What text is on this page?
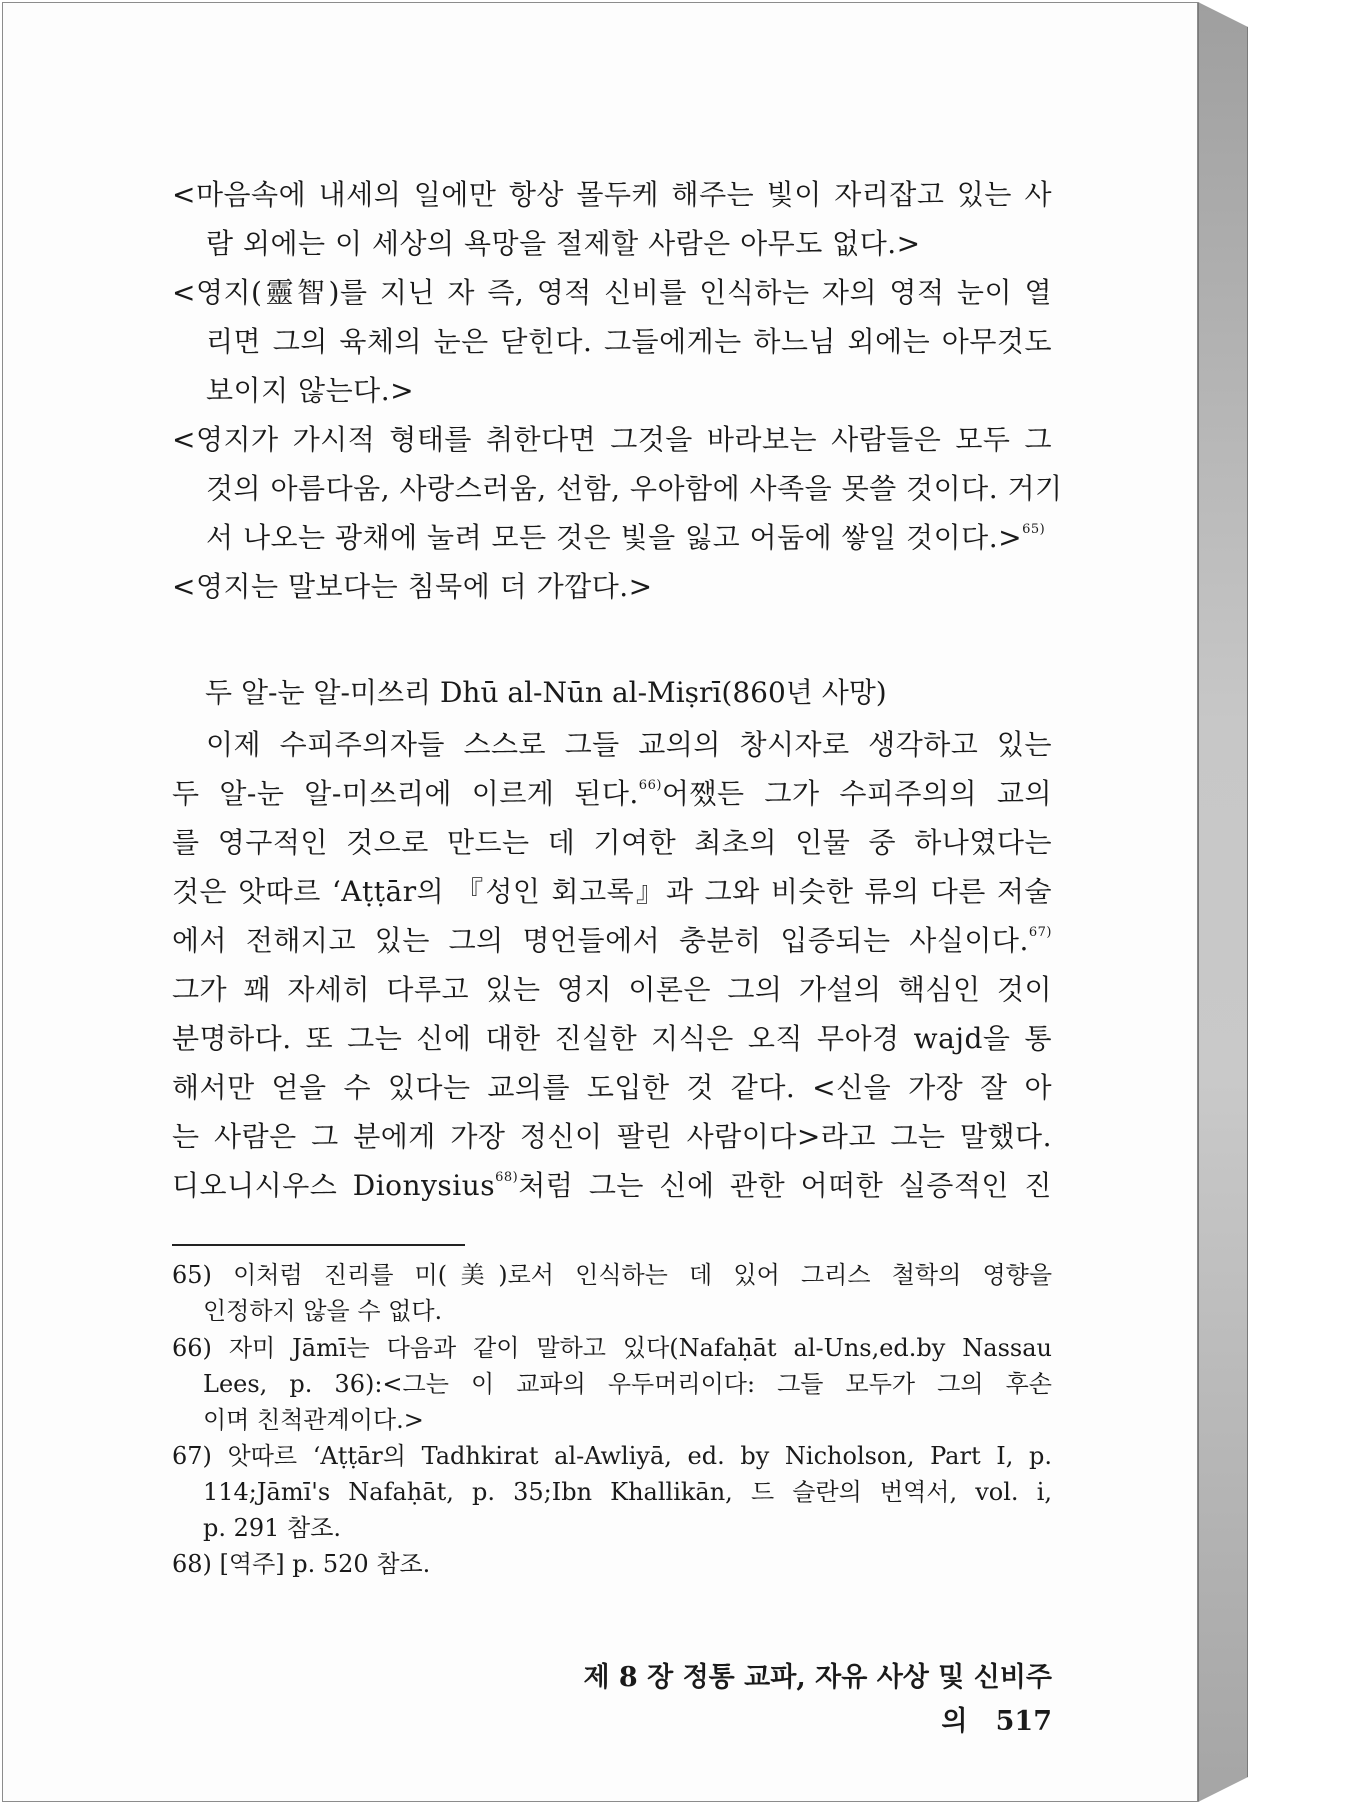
<마음속에 내세의 일에만 항상 몰두케 해주는 빛이 자리잡고 있는 사
람 외에는 이 세상의 욕망을 절제할 사람은 아무도 없다.>
<영지(靈智)를 지닌 자 즉, 영적 신비를 인식하는 자의 영적 눈이 열
리면 그의 육체의 눈은 닫힌다. 그들에게는 하느님 외에는 아무것도
보이지 않는다.>
<영지가 가시적 형태를 취한다면 그것을 바라보는 사람들은 모두 그
것의 아름다움, 사랑스러움, 선함, 우아함에 사족을 못쓸 것이다. 거기
서 나오는 광채에 눌려 모든 것은 빛을 잃고 어둠에 쌓일 것이다.>$^{65)}$
<영지는 말보다는 침묵에 더 가깝다.>
두 알-눈 알-미쓰리 Dhū al-Nūn al-Miṣrī(860년 사망)
이제 수피주의자들 스스로 그들 교의의 창시자로 생각하고 있는
두 알-눈 알-미쓰리에 이르게 된다.$^{66)}$어쨌든 그가 수피주의의 교의
를 영구적인 것으로 만드는 데 기여한 최초의 인물 중 하나였다는
것은 앗따르 ‘Aṭṭār의 『성인 회고록』과 그와 비슷한 류의 다른 저술
에서 전해지고 있는 그의 명언들에서 충분히 입증되는 사실이다.$^{67)}$
그가 꽤 자세히 다루고 있는 영지 이론은 그의 가설의 핵심인 것이
분명하다. 또 그는 신에 대한 진실한 지식은 오직 무아경 wajd을 통
해서만 얻을 수 있다는 교의를 도입한 것 같다. <신을 가장 잘 아
는 사람은 그 분에게 가장 정신이 팔린 사람이다>라고 그는 말했다.
디오니시우스 Dionysius$^{68)}$처럼 그는 신에 관한 어떠한 실증적인 진
65) 이처럼 진리를 미(美)로서 인식하는 데 있어 그리스 철학의 영향을
인정하지 않을 수 없다.
66) 자미 Jāmī는 다음과 같이 말하고 있다(Nafaḥāt al-Uns,ed.by Nassau
Lees, p. 36):<그는 이 교파의 우두머리이다: 그들 모두가 그의 후손
이며 친척관계이다.>
67) 앗따르 ‘Aṭṭār의 Tadhkirat al-Awliyā, ed. by Nicholson, Part I, p.
114;Jāmī's Nafaḥāt, p. 35;Ibn Khallikān, 드 슬란의 번역서, vol. i,
p. 291 참조.
68) [역주] p. 520 참조.
제 8 장 정통 교파, 자유 사상 및 신비주의 517
